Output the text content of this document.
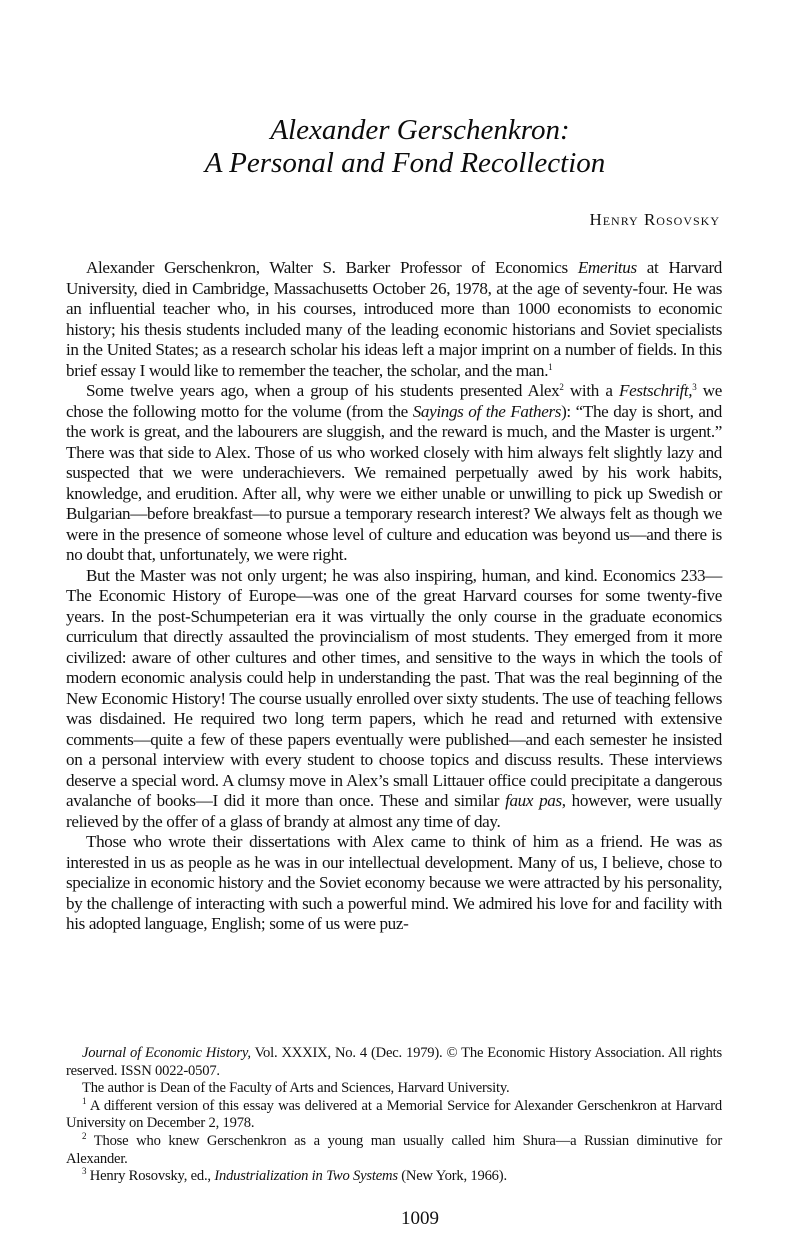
Alexander Gerschenkron:
A Personal and Fond Recollection
Henry Rosovsky

Alexander Gerschenkron, Walter S. Barker Professor of Economics Emeritus at Harvard University, died in Cambridge, Massachusetts October 26, 1978, at the age of seventy-four. He was an influential teacher who, in his courses, introduced more than 1000 economists to economic history; his thesis students included many of the leading economic historians and Soviet specialists in the United States; as a research scholar his ideas left a major imprint on a number of fields. In this brief essay I would like to remember the teacher, the scholar, and the man.$^1$

Some twelve years ago, when a group of his students presented Alex$^2$ with a Festschrift,$^3$ we chose the following motto for the volume (from the Sayings of the Fathers): “The day is short, and the work is great, and the labourers are sluggish, and the reward is much, and the Master is urgent.” There was that side to Alex. Those of us who worked closely with him always felt slightly lazy and suspected that we were underachievers. We remained perpetually awed by his work habits, knowledge, and erudition. After all, why were we either unable or unwilling to pick up Swedish or Bulgarian—before breakfast—to pursue a temporary research interest? We always felt as though we were in the presence of someone whose level of culture and education was beyond us—and there is no doubt that, unfortunately, we were right.

But the Master was not only urgent; he was also inspiring, human, and kind. Economics 233—The Economic History of Europe—was one of the great Harvard courses for some twenty-five years. In the post-Schumpeterian era it was virtually the only course in the graduate economics curriculum that directly assaulted the provincialism of most students. They emerged from it more civilized: aware of other cultures and other times, and sensitive to the ways in which the tools of modern economic analysis could help in understanding the past. That was the real beginning of the New Economic History! The course usually enrolled over sixty students. The use of teaching fellows was disdained. He required two long term papers, which he read and returned with extensive comments—quite a few of these papers eventually were published—and each semester he insisted on a personal interview with every student to choose topics and discuss results. These interviews deserve a special word. A clumsy move in Alex’s small Littauer office could precipitate a dangerous avalanche of books—I did it more than once. These and similar faux pas, however, were usually relieved by the offer of a glass of brandy at almost any time of day.

Those who wrote their dissertations with Alex came to think of him as a friend. He was as interested in us as people as he was in our intellectual development. Many of us, I believe, chose to specialize in economic history and the Soviet economy because we were attracted by his personality, by the challenge of interacting with such a powerful mind. We admired his love for and facility with his adopted language, English; some of us were puz-

Journal of Economic History, Vol. XXXIX, No. 4 (Dec. 1979). © The Economic History Association. All rights reserved. ISSN 0022-0507.

The author is Dean of the Faculty of Arts and Sciences, Harvard University.

$^1$ A different version of this essay was delivered at a Memorial Service for Alexander Gerschenkron at Harvard University on December 2, 1978.

$^2$ Those who knew Gerschenkron as a young man usually called him Shura—a Russian diminutive for Alexander.

$^3$ Henry Rosovsky, ed., Industrialization in Two Systems (New York, 1966).

1009
